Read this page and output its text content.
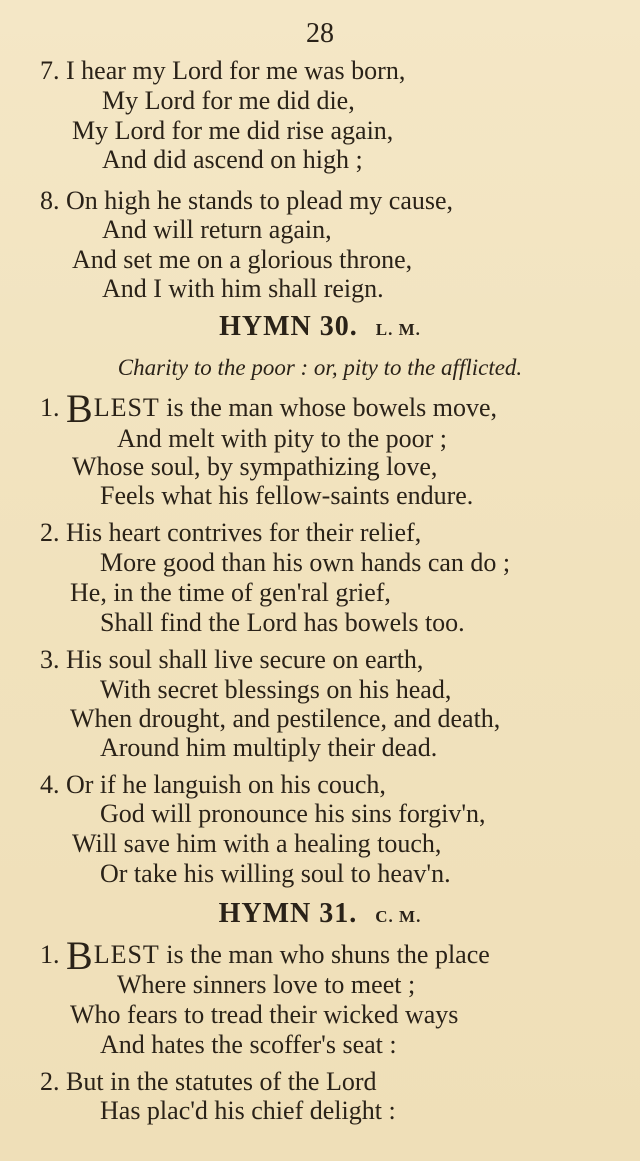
28
7. I hear my Lord for me was born,
My Lord for me did die,
My Lord for me did rise again,
And did ascend on high ;
8. On high he stands to plead my cause,
And will return again,
And set me on a glorious throne,
And I with him shall reign.
HYMN 30. L. M.
Charity to the poor : or, pity to the afflicted.
1. BLEST is the man whose bowels move,
And melt with pity to the poor ;
Whose soul, by sympathizing love,
Feels what his fellow-saints endure.
2. His heart contrives for their relief,
More good than his own hands can do ;
He, in the time of gen'ral grief,
Shall find the Lord has bowels too.
3. His soul shall live secure on earth,
With secret blessings on his head,
When drought, and pestilence, and death,
Around him multiply their dead.
4. Or if he languish on his couch,
God will pronounce his sins forgiv'n,
Will save him with a healing touch,
Or take his willing soul to heav'n.
HYMN 31. C. M.
1. BLEST is the man who shuns the place
Where sinners love to meet ;
Who fears to tread their wicked ways
And hates the scoffer's seat :
2. But in the statutes of the Lord
Has plac'd his chief delight :
